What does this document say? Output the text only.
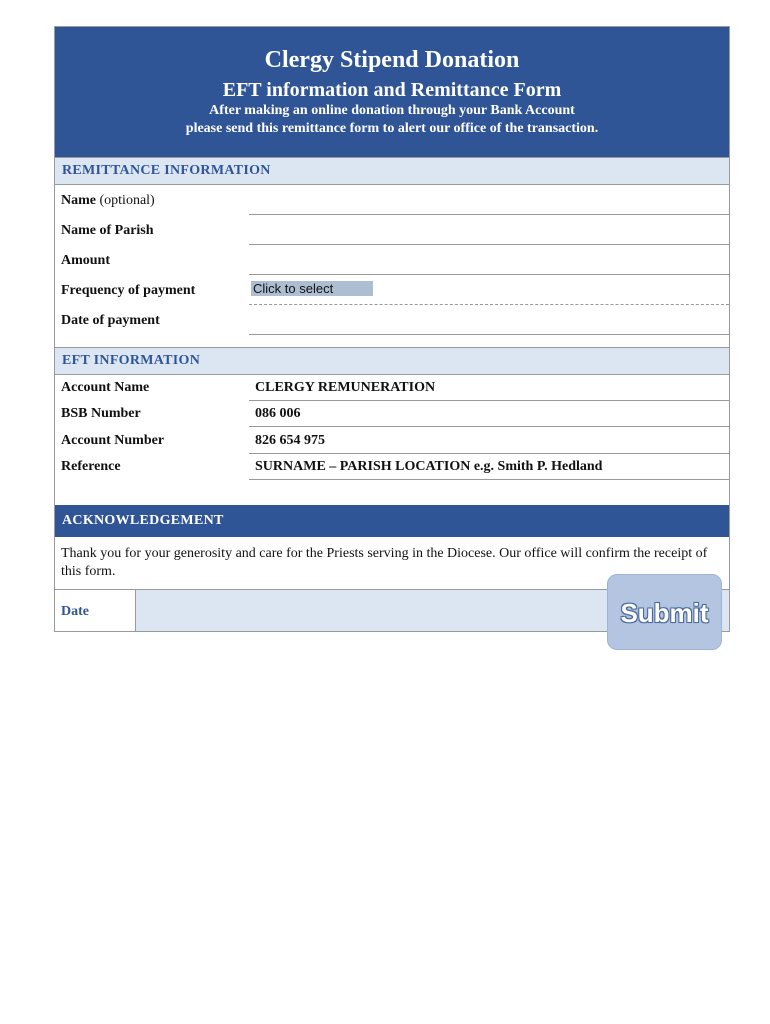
Clergy Stipend Donation
EFT information and Remittance Form
After making an online donation through your Bank Account
please send this remittance form to alert our office of the transaction.
REMITTANCE INFORMATION
Name (optional)
Name of Parish
Amount
Frequency of payment	Click to select
Date of payment
EFT INFORMATION
Account Name	CLERGY REMUNERATION
BSB Number	086 006
Account Number	826 654 975
Reference	SURNAME – PARISH LOCATION e.g. Smith P. Hedland
ACKNOWLEDGEMENT
Thank you for your generosity and care for the Priests serving in the Diocese. Our office will confirm the receipt of this form.
Date	Submit
